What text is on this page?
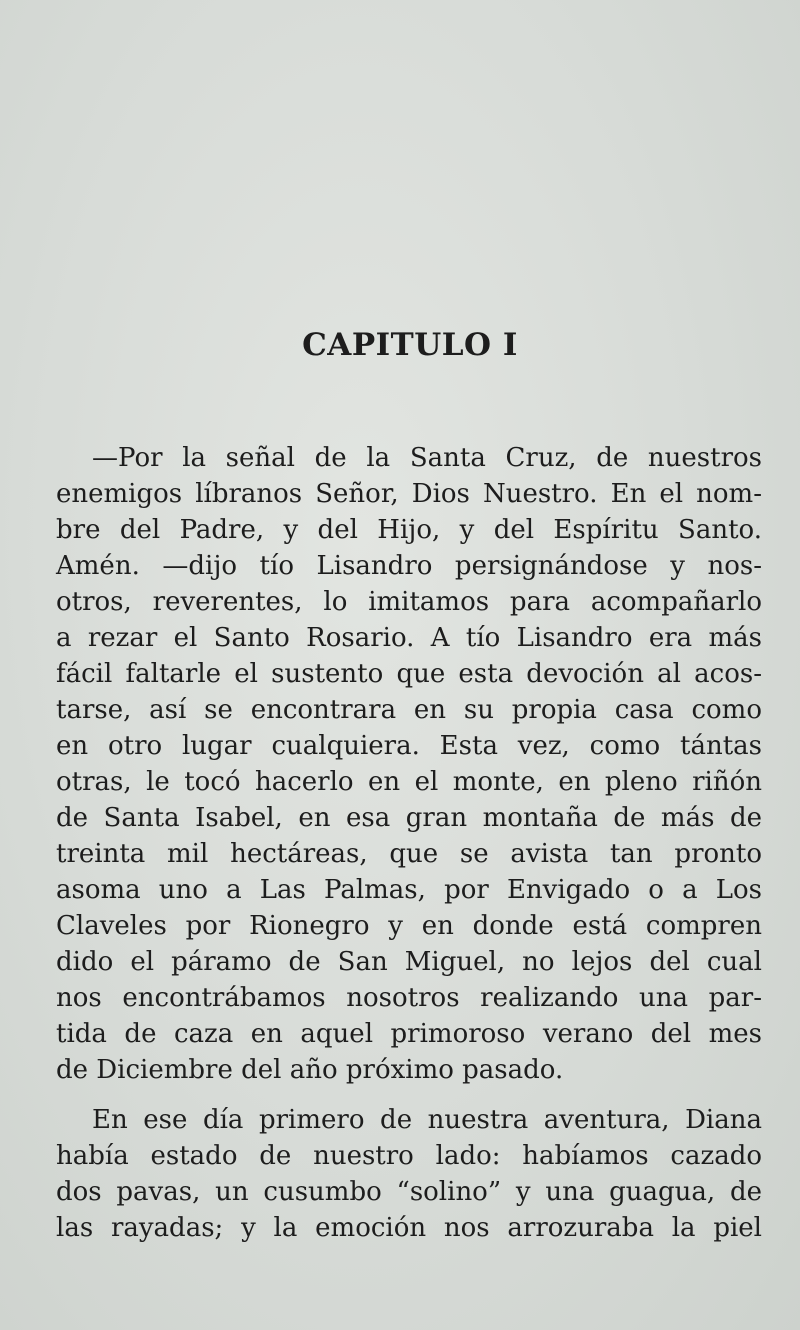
CAPITULO I
—Por la señal de la Santa Cruz, de nuestros
enemigos líbranos Señor, Dios Nuestro. En el nom-
bre del Padre, y del Hijo, y del Espíritu Santo.
Amén. —dijo tío Lisandro persignándose y nos-
otros, reverentes, lo imitamos para acompañarlo
a rezar el Santo Rosario. A tío Lisandro era más
fácil faltarle el sustento que esta devoción al acos-
tarse, así se encontrara en su propia casa como
en otro lugar cualquiera. Esta vez, como tántas
otras, le tocó hacerlo en el monte, en pleno riñón
de Santa Isabel, en esa gran montaña de más de
treinta mil hectáreas, que se avista tan pronto
asoma uno a Las Palmas, por Envigado o a Los
Claveles por Rionegro y en donde está compren
dido el páramo de San Miguel, no lejos del cual
nos encontrábamos nosotros realizando una par-
tida de caza en aquel primoroso verano del mes
de Diciembre del año próximo pasado.
En ese día primero de nuestra aventura, Diana
había estado de nuestro lado: habíamos cazado
dos pavas, un cusumbo “solino” y una guagua, de
las rayadas; y la emoción nos arrozuraba la piel
